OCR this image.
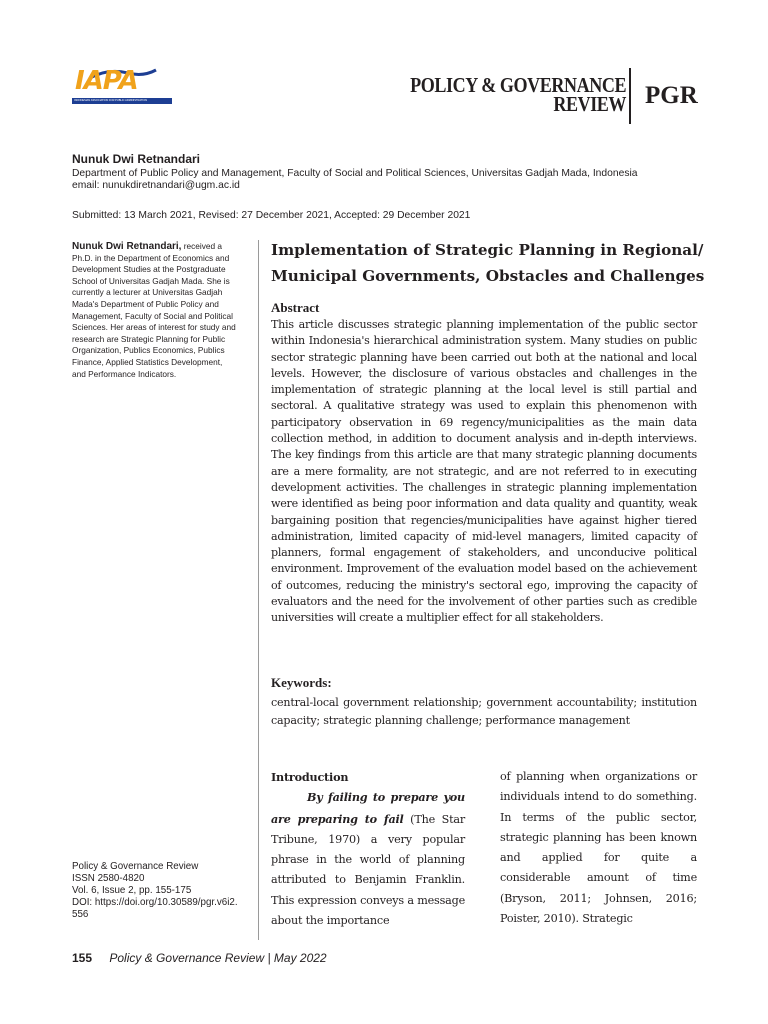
IAPA
INDONESIAN ASSOCIATION FOR PUBLIC ADMINISTRATION
POLICY & GOVERNANCE
REVIEW PGR
Nunuk Dwi Retnandari
Department of Public Policy and Management, Faculty of Social and Political Sciences, Universitas Gadjah Mada, Indonesia
email: nunukdiretnandari@ugm.ac.id
Submitted: 13 March 2021, Revised: 27 December 2021, Accepted: 29 December 2021
Nunuk Dwi Retnandari, received a Ph.D. in the Department of Economics and Development Studies at the Postgraduate School of Universitas Gadjah Mada. She is currently a lecturer at Universitas Gadjah Mada's Department of Public Policy and Management, Faculty of Social and Political Sciences. Her areas of interest for study and research are Strategic Planning for Public Organization, Publics Economics, Publics Finance, Applied Statistics Development, and Performance Indicators.
Policy & Governance Review
ISSN 2580-4820
Vol. 6, Issue 2, pp. 155-175
DOI: https://doi.org/10.30589/pgr.v6i2.556
Implementation of Strategic Planning in Regional/ Municipal Governments, Obstacles and Challenges
Abstract
This article discusses strategic planning implementation of the public sector within Indonesia's hierarchical administration system. Many studies on public sector strategic planning have been carried out both at the national and local levels. However, the disclosure of various obstacles and challenges in the implementation of strategic planning at the local level is still partial and sectoral. A qualitative strategy was used to explain this phenomenon with participatory observation in 69 regency/municipalities as the main data collection method, in addition to document analysis and in-depth interviews. The key findings from this article are that many strategic planning documents are a mere formality, are not strategic, and are not referred to in executing development activities. The challenges in strategic planning implementation were identified as being poor information and data quality and quantity, weak bargaining position that regencies/municipalities have against higher tiered administration, limited capacity of mid-level managers, limited capacity of planners, formal engagement of stakeholders, and unconducive political environment. Improvement of the evaluation model based on the achievement of outcomes, reducing the ministry's sectoral ego, improving the capacity of evaluators and the need for the involvement of other parties such as credible universities will create a multiplier effect for all stakeholders.
Keywords:
central-local government relationship; government accountability; institution capacity; strategic planning challenge; performance management
Introduction
By failing to prepare you are preparing to fail (The Star Tribune, 1970) a very popular phrase in the world of planning attributed to Benjamin Franklin. This expression conveys a message about the importance
of planning when organizations or individuals intend to do something. In terms of the public sector, strategic planning has been known and applied for quite a considerable amount of time (Bryson, 2011; Johnsen, 2016; Poister, 2010). Strategic
155 Policy & Governance Review | May 2022
